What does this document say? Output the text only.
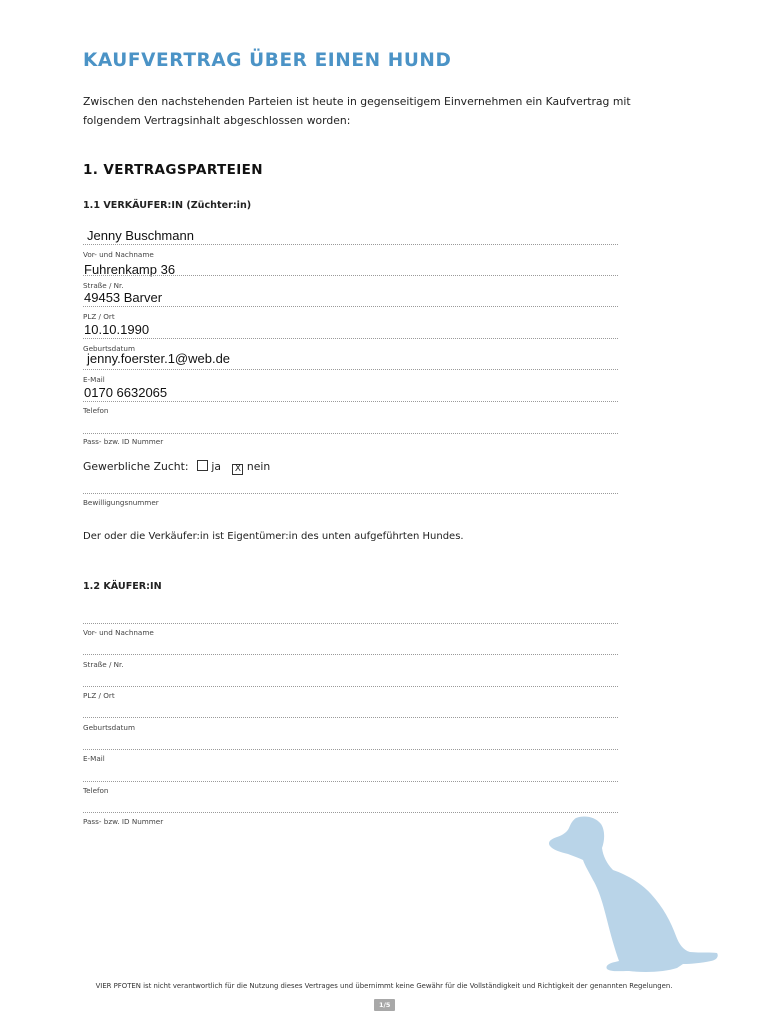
KAUFVERTRAG ÜBER EINEN HUND
Zwischen den nachstehenden Parteien ist heute in gegenseitigem Einvernehmen ein Kaufvertrag mit folgendem Vertragsinhalt abgeschlossen worden:
1. VERTRAGSPARTEIEN
1.1 VERKÄUFER:IN (Züchter:in)
Jenny Buschmann
Vor- und Nachname
Fuhrenkamp 36
Straße / Nr.
49453 Barver
PLZ / Ort
10.10.1990
Geburtsdatum
jenny.foerster.1@web.de
E-Mail
0170 6632065
Telefon
Pass- bzw. ID Nummer
Gewerbliche Zucht: ja X nein
Bewilligungsnummer
Der oder die Verkäufer:in ist Eigentümer:in des unten aufgeführten Hundes.
1.2 KÄUFER:IN
Vor- und Nachname
Straße / Nr.
PLZ / Ort
Geburtsdatum
E-Mail
Telefon
Pass- bzw. ID Nummer
VIER PFOTEN ist nicht verantwortlich für die Nutzung dieses Vertrages und übernimmt keine Gewähr für die Vollständigkeit und Richtigkeit der genannten Regelungen.
1/5
